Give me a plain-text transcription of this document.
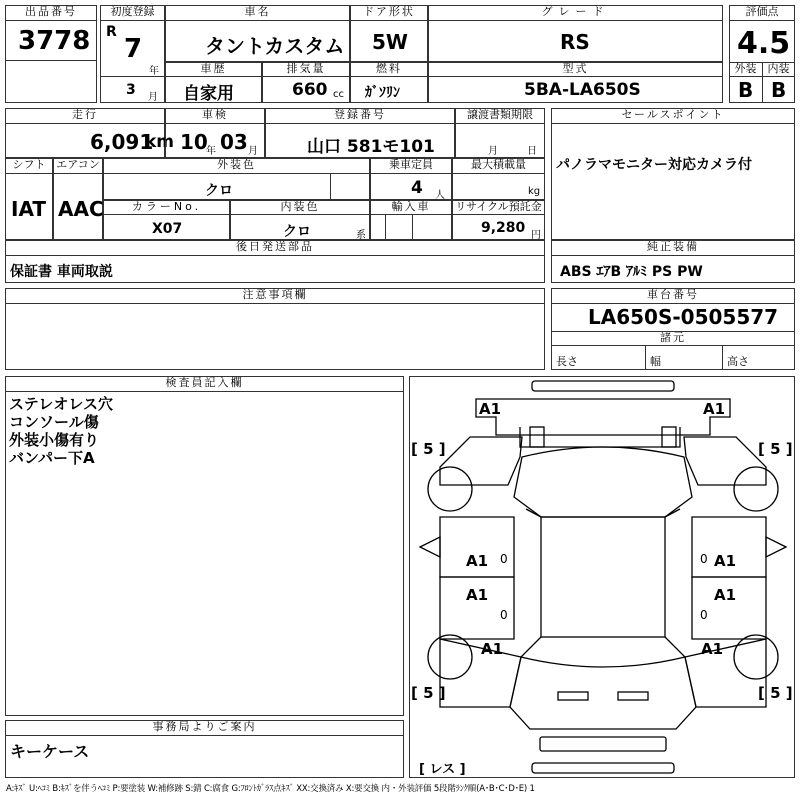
出品番号
3778
初度登録
R
7
年
3 月
車名
タントカスタム
ドア形状
5W
グレード
RS
車歴
自家用
排気量
660 cc
燃料
ｶﾞｿﾘﾝ
型式
5BA-LA650S
評価点
4.5
外装	内装
B B
走行
6,091
km
車検
10
年 03 月
登録番号
山口 581モ101
譲渡書類期限
月	日
セールスポイント
パノラマモニター対応カメラ付
シフト
IAT
エアコン
AAC
外装色
クロ
乗車定員
4 人
最大積載量
kg
カラーNo.
X07
内装色
クロ	系
輸入車	リサイクル預託金
9,280 円
後日発送部品
保証書 車両取説
純正装備
ABS ｴｱB ｱﾙﾐ PS PW
注意事項欄	車台番号
LA650S-0505577
諸元
長さ	幅	高さ
検査員記入欄
ステレオレス穴
コンソール傷
外装小傷有り
バンパー下A
事務局よりご案内
キーケース
A1	A1
A1
A1
A1
A1
A1	A1
0
0
0
0
[ 5 ]	[ 5 ]
[ 5 ]	[ 5 ]
[ レス ]
A:ｷｽﾞ U:ﾍｺﾐ B:ｷｽﾞを伴うﾍｺﾐ P:要塗装 W:補修跡 S:錆 C:腐食 G:ﾌﾛﾝﾄｶﾞﾗｽ点ｷｽﾞ XX:交換済み X:要交換 内・外装評価 5段階ﾗﾝｸ順(A･B･C･D･E) 1
